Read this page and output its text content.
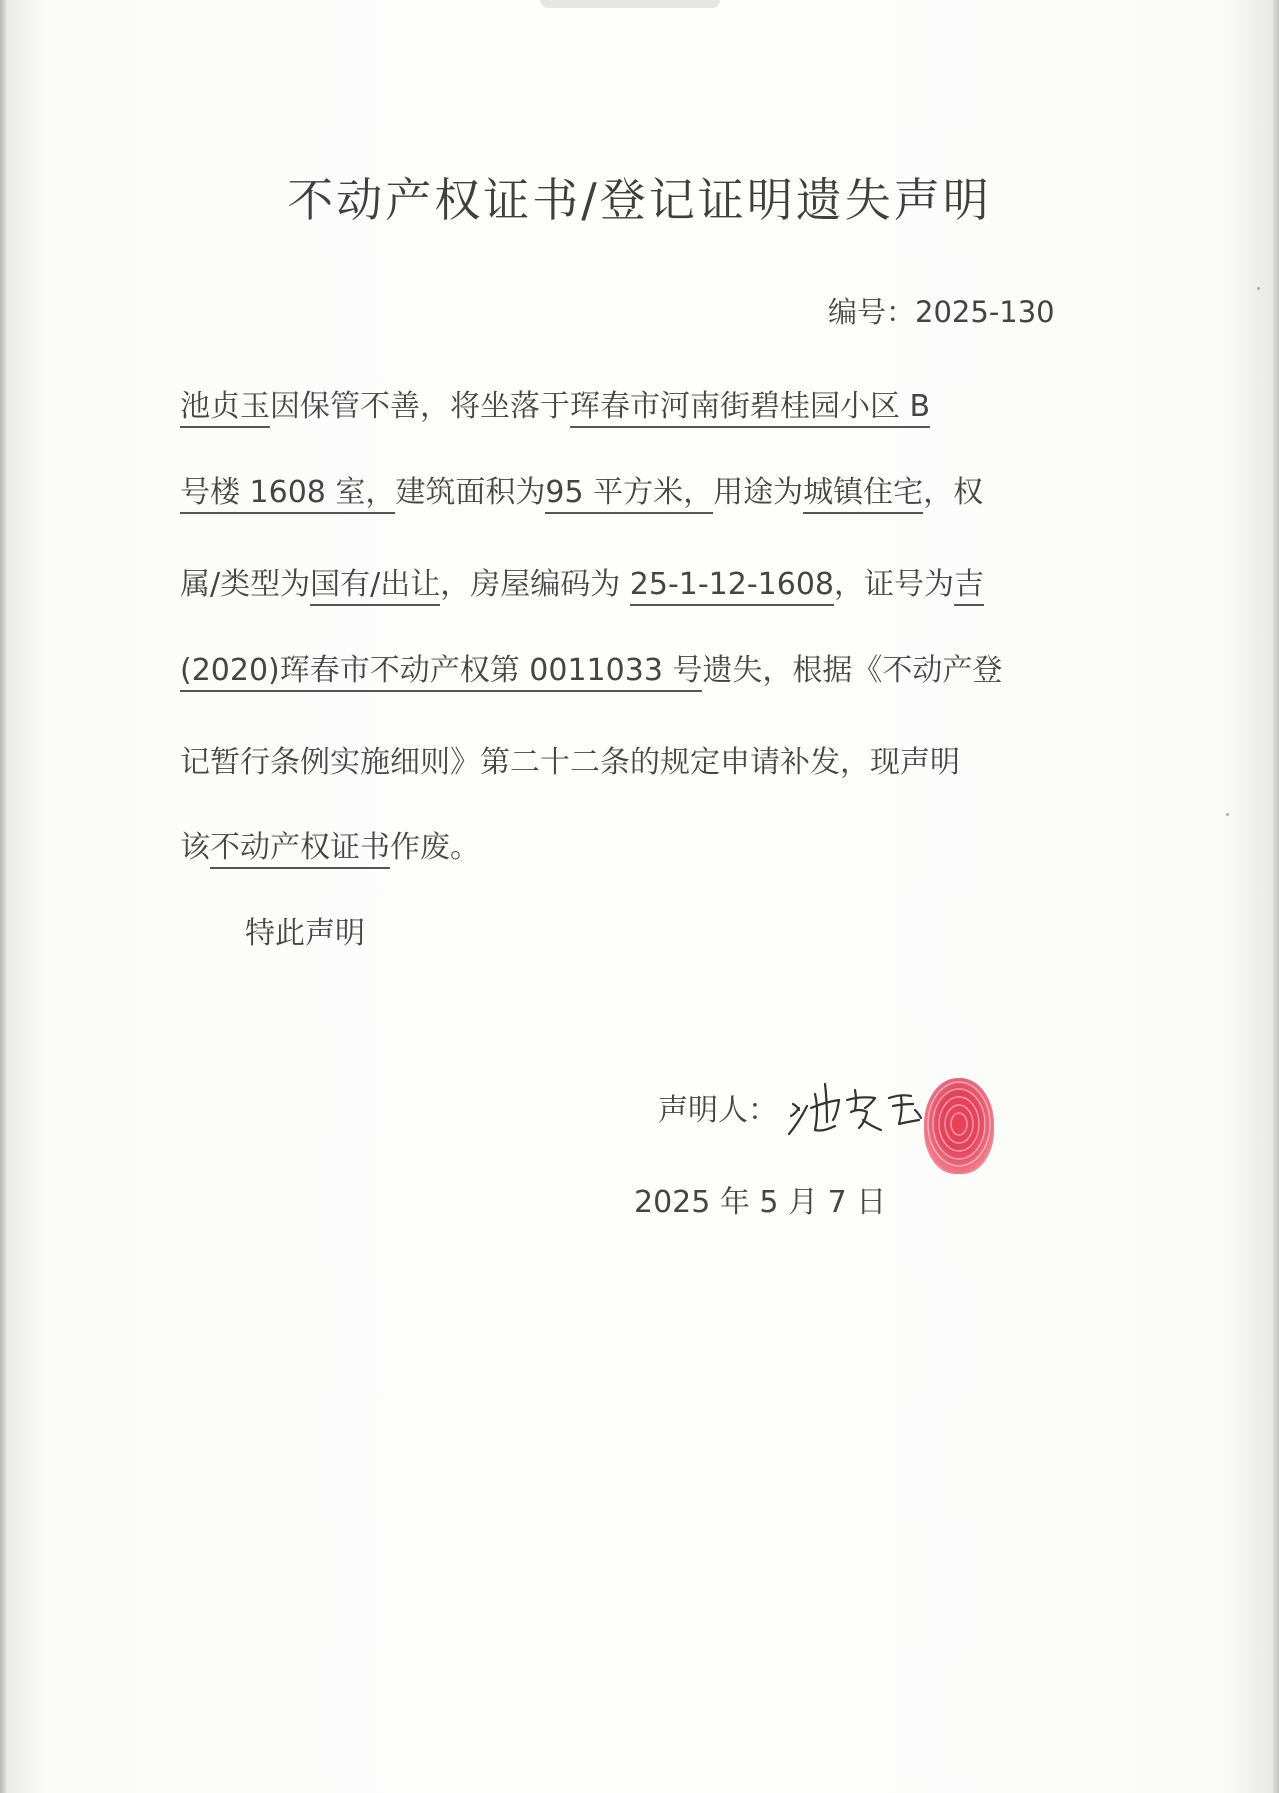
不动产权证书/登记证明遗失声明
编号：2025-130
池贞玉因保管不善，将坐落于珲春市河南街碧桂园小区 B
号楼 1608 室，建筑面积为95 平方米，用途为城镇住宅，权
属/类型为国有/出让，房屋编码为 25-1-12-1608，证号为吉
(2020)珲春市不动产权第 0011033 号遗失，根据《不动产登
记暂行条例实施细则》第二十二条的规定申请补发，现声明
该不动产权证书作废。
特此声明
声明人：
2025 年 5 月 7 日
